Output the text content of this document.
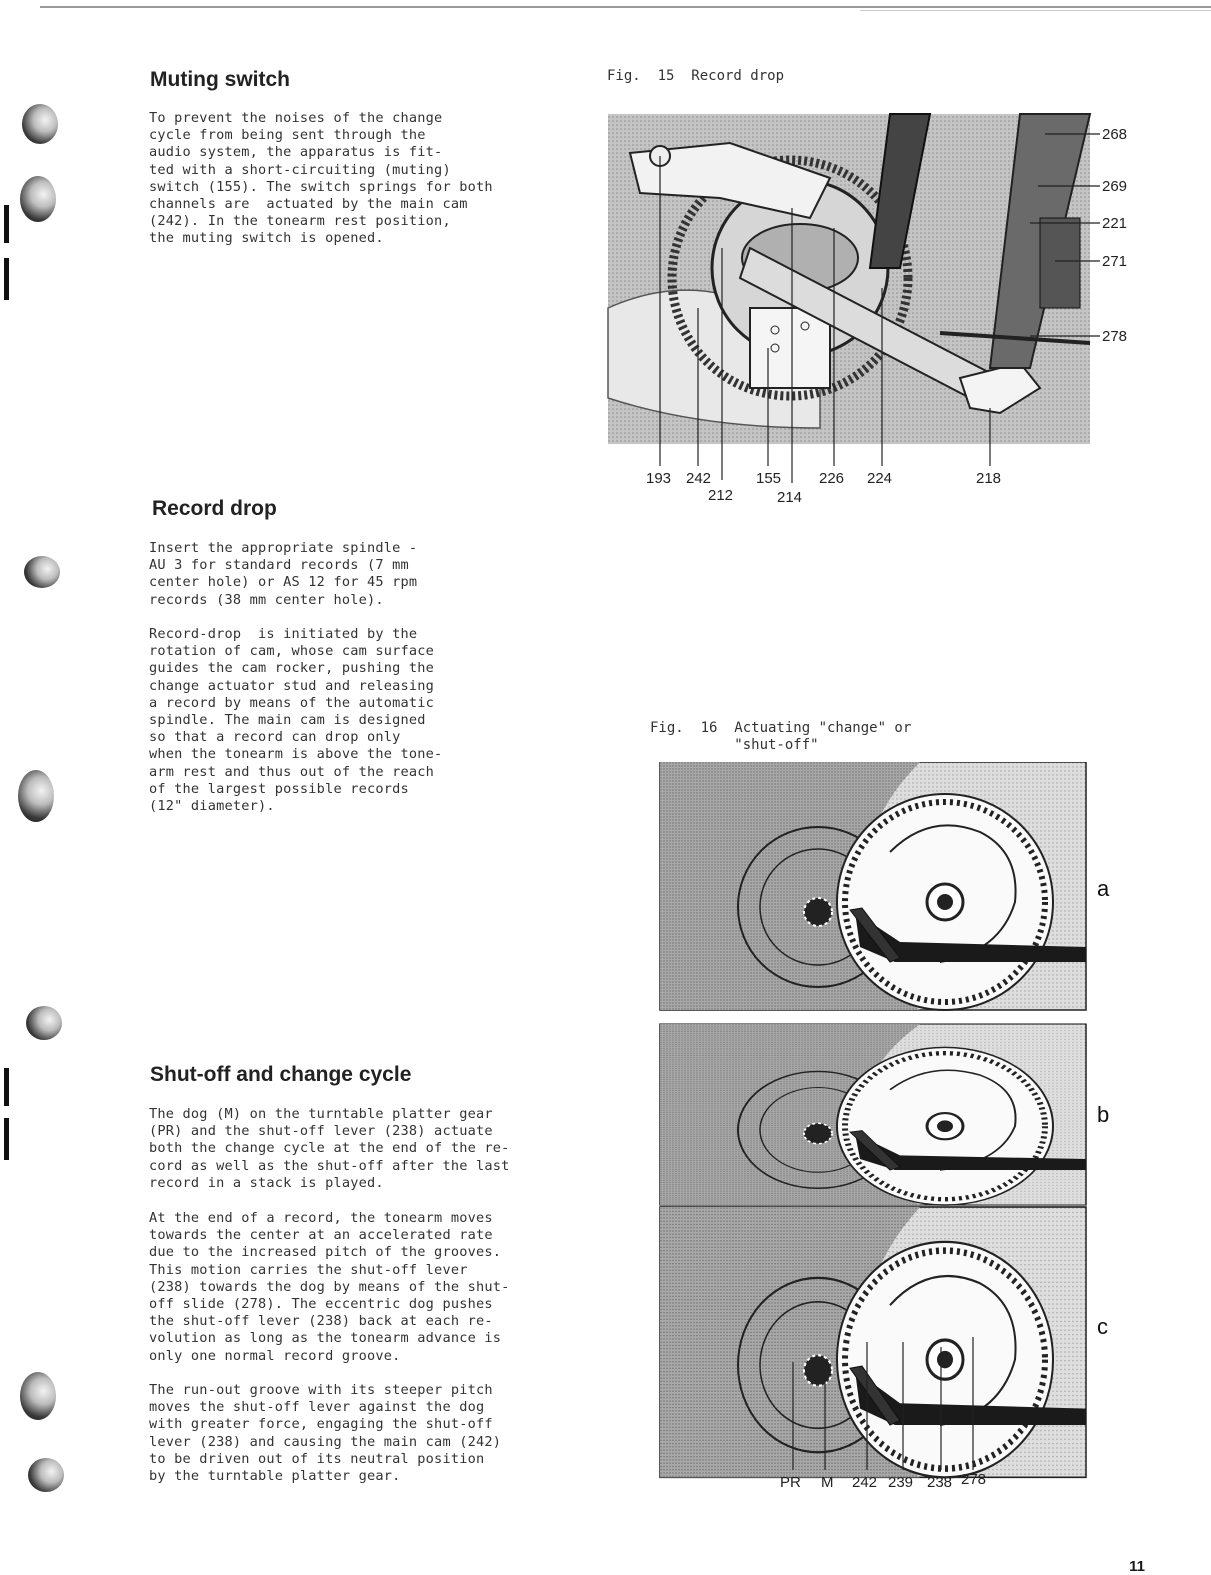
Muting switch

To prevent the noises of the change
cycle from being sent through the
audio system, the apparatus is fit-
ted with a short-circuiting (muting)
switch (155). The switch springs for both
channels are  actuated by the main cam
(242). In the tonearm rest position,
the muting switch is opened.

Record drop

Insert the appropriate spindle -
AU 3 for standard records (7 mm
center hole) or AS 12 for 45 rpm
records (38 mm center hole).

Record-drop  is initiated by the
rotation of cam, whose cam surface
guides the cam rocker, pushing the
change actuator stud and releasing
a record by means of the automatic
spindle. The main cam is designed
so that a record can drop only
when the tonearm is above the tone-
arm rest and thus out of the reach
of the largest possible records
(12" diameter).

Shut-off and change cycle

The dog (M) on the turntable platter gear
(PR) and the shut-off lever (238) actuate
both the change cycle at the end of the re-
cord as well as the shut-off after the last
record in a stack is played.

At the end of a record, the tonearm moves
towards the center at an accelerated rate
due to the increased pitch of the grooves.
This motion carries the shut-off lever
(238) towards the dog by means of the shut-
off slide (278). The eccentric dog pushes
the shut-off lever (238) back at each re-
volution as long as the tonearm advance is
only one normal record groove.

The run-out groove with its steeper pitch
moves the shut-off lever against the dog
with greater force, engaging the shut-off
lever (238) and causing the main cam (242)
to be driven out of its neutral position
by the turntable platter gear.

Fig.  15  Record drop

268
269
221
271
278
193 242
212
155
214
226 224	218

Fig.  16  Actuating "change" or
"shut-off"

a
b
c
PR M 242 239 238 278
11
